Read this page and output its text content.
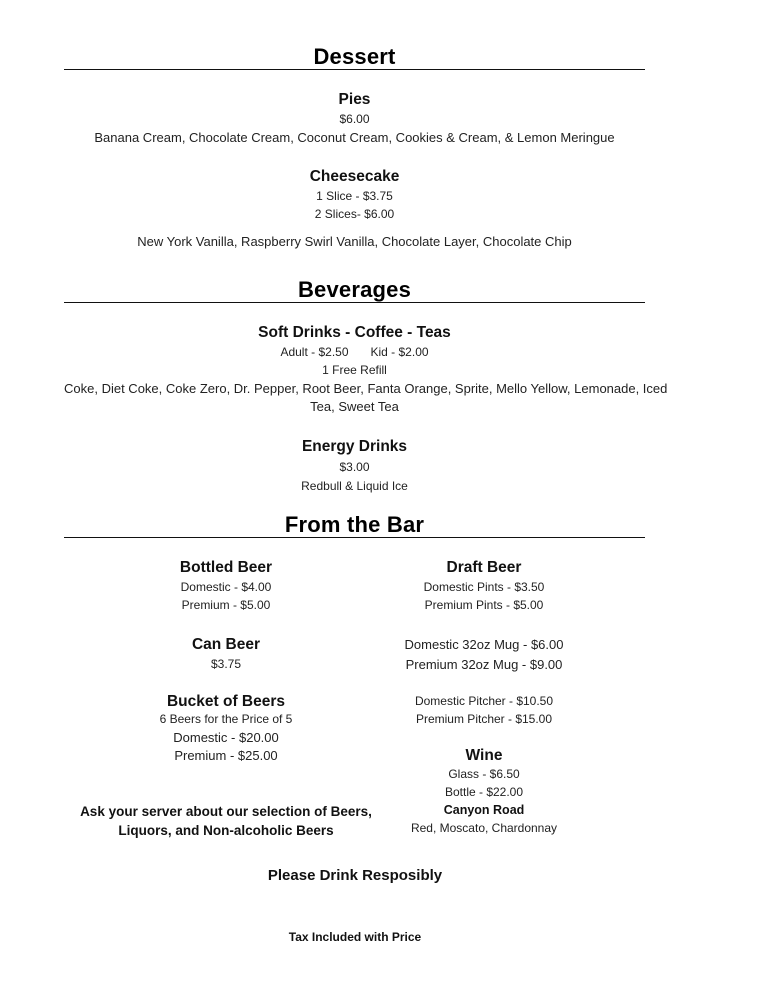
Dessert
Pies
$6.00
Banana Cream, Chocolate Cream, Coconut Cream, Cookies & Cream, & Lemon Meringue
Cheesecake
1 Slice - $3.75
2 Slices- $6.00
New York Vanilla, Raspberry Swirl Vanilla, Chocolate Layer, Chocolate Chip
Beverages
Soft Drinks - Coffee - Teas
Adult - $2.50 Kid - $2.00
1 Free Refill
Coke, Diet Coke, Coke Zero, Dr. Pepper, Root Beer, Fanta Orange, Sprite, Mello Yellow, Lemonade, Iced
Tea, Sweet Tea
Energy Drinks
$3.00
Redbull & Liquid Ice
From the Bar
Bottled Beer
Domestic - $4.00
Premium - $5.00
Can Beer
$3.75
Bucket of Beers
6 Beers for the Price of 5
Domestic - $20.00
Premium - $25.00
Ask your server about our selection of Beers,
Liquors, and Non-alcoholic Beers
Draft Beer
Domestic Pints - $3.50
Premium Pints - $5.00
Domestic 32oz Mug - $6.00
Premium 32oz Mug - $9.00
Domestic Pitcher - $10.50
Premium Pitcher - $15.00
Wine
Glass - $6.50
Bottle - $22.00
Canyon Road
Red, Moscato, Chardonnay
Please Drink Resposibly
Tax Included with Price
